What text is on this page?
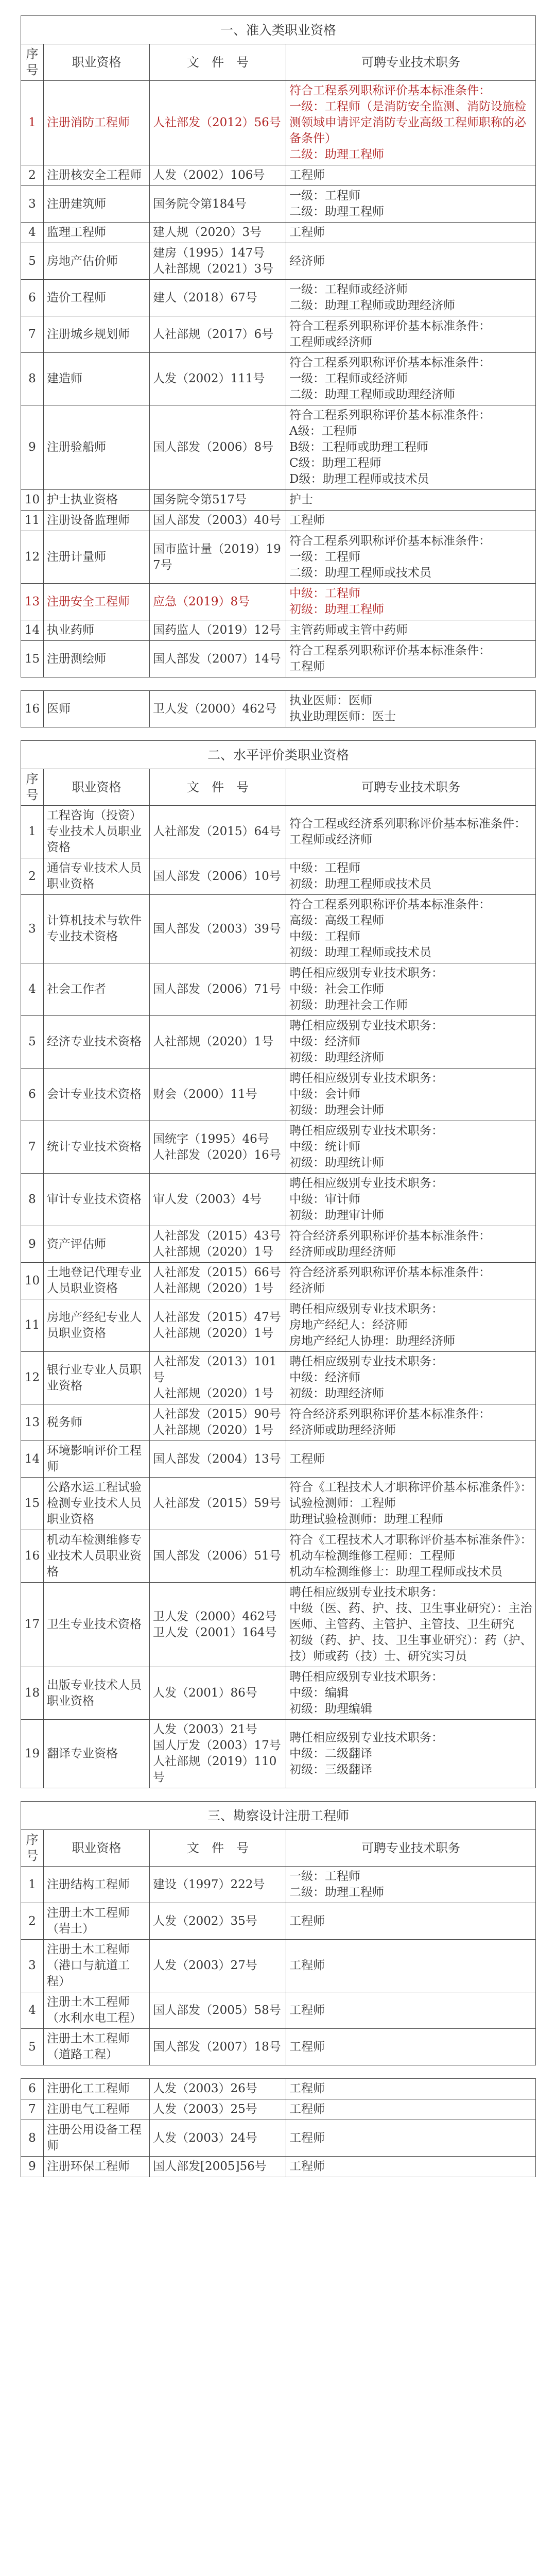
一、准入类职业资格			
序号	职业资格	文　件　号	可聘专业技术职务
1	注册消防工程师	人社部发（2012）56号	符合工程系列职称评价基本标准条件：
一级：工程师（是消防安全监测、消防设施检测领域申请评定消防专业高级工程师职称的必备条件）
二级：助理工程师
2	注册核安全工程师	人发（2002）106号	工程师
3	注册建筑师	国务院令第184号	一级：工程师
二级：助理工程师
4	监理工程师	建人规（2020）3号	工程师
5	房地产估价师	建房（1995）147号
人社部规（2021）3号	经济师
6	造价工程师	建人（2018）67号	一级：工程师或经济师
二级：助理工程师或助理经济师
7	注册城乡规划师	人社部规（2017）6号	符合工程系列职称评价基本标准条件：
工程师或经济师
8	建造师	人发（2002）111号	符合工程系列职称评价基本标准条件：
一级：工程师或经济师
二级：助理工程师或助理经济师
9	注册验船师	国人部发（2006）8号	符合工程系列职称评价基本标准条件：
A级：工程师
B级：工程师或助理工程师
C级：助理工程师
D级：助理工程师或技术员
10	护士执业资格	国务院令第517号	护士
11	注册设备监理师	国人部发（2003）40号	工程师
12	注册计量师	国市监计量（2019）197号	符合工程系列职称评价基本标准条件：
一级：工程师
二级：助理工程师或技术员
13	注册安全工程师	应急（2019）8号	中级：工程师
初级：助理工程师
14	执业药师	国药监人（2019）12号	主管药师或主管中药师
15	注册测绘师	国人部发（2007）14号	符合工程系列职称评价基本标准条件：
工程师

16	医师	卫人发（2000）462号	执业医师：医师
执业助理医师：医士

二、水平评价类职业资格			
序号	职业资格	文　件　号	可聘专业技术职务
1	工程咨询（投资）专业技术人员职业资格	人社部发（2015）64号	符合工程或经济系列职称评价基本标准条件：工程师或经济师
2	通信专业技术人员职业资格	国人部发（2006）10号	中级：工程师
初级：助理工程师或技术员
3	计算机技术与软件专业技术资格	国人部发（2003）39号	符合工程系列职称评价基本标准条件：
高级：高级工程师
中级：工程师
初级：助理工程师或技术员
4	社会工作者	国人部发（2006）71号	聘任相应级别专业技术职务：
中级：社会工作师
初级：助理社会工作师
5	经济专业技术资格	人社部规（2020）1号	聘任相应级别专业技术职务：
中级：经济师
初级：助理经济师
6	会计专业技术资格	财会（2000）11号	聘任相应级别专业技术职务：
中级：会计师
初级：助理会计师
7	统计专业技术资格	国统字（1995）46号
人社部发（2020）16号	聘任相应级别专业技术职务：
中级：统计师
初级：助理统计师
8	审计专业技术资格	审人发（2003）4号	聘任相应级别专业技术职务：
中级：审计师
初级：助理审计师
9	资产评估师	人社部发（2015）43号
人社部规（2020）1号	符合经济系列职称评价基本标准条件：
经济师或助理经济师
10	土地登记代理专业人员职业资格	人社部发（2015）66号
人社部规（2020）1号	符合经济系列职称评价基本标准条件：
经济师
11	房地产经纪专业人员职业资格	人社部发（2015）47号
人社部规（2020）1号	聘任相应级别专业技术职务：
房地产经纪人：经济师
房地产经纪人协理：助理经济师
12	银行业专业人员职业资格	人社部发（2013）101号
人社部规（2020）1号	聘任相应级别专业技术职务：
中级：经济师
初级：助理经济师
13	税务师	人社部发（2015）90号
人社部规（2020）1号	符合经济系列职称评价基本标准条件：
经济师或助理经济师
14	环境影响评价工程师	国人部发（2004）13号	工程师
15	公路水运工程试验检测专业技术人员职业资格	人社部发（2015）59号	符合《工程技术人才职称评价基本标准条件》：试验检测师：工程师
助理试验检测师：助理工程师
16	机动车检测维修专业技术人员职业资格	国人部发（2006）51号	符合《工程技术人才职称评价基本标准条件》：
机动车检测维修工程师：工程师
机动车检测维修士：助理工程师或技术员
17	卫生专业技术资格	卫人发（2000）462号
卫人发（2001）164号	聘任相应级别专业技术职务：
中级（医、药、护、技、卫生事业研究）：主治医师、主管药、主管护、主管技、卫生研究
初级（药、护、技、卫生事业研究）：药（护、技）师或药（技）士、研究实习员
18	出版专业技术人员职业资格	人发（2001）86号	聘任相应级别专业技术职务：
中级：编辑
初级：助理编辑
19	翻译专业资格	人发（2003）21号
国人厅发（2003）17号
人社部规（2019）110号	聘任相应级别专业技术职务：
中级：二级翻译
初级：三级翻译

三、勘察设计注册工程师			
序号	职业资格	文　件　号	可聘专业技术职务
1	注册结构工程师	建设（1997）222号	一级：工程师
二级：助理工程师
2	注册土木工程师（岩土）	人发（2002）35号	工程师
3	注册土木工程师（港口与航道工程）	人发（2003）27号	工程师
4	注册土木工程师（水利水电工程）	国人部发（2005）58号	工程师
5	注册土木工程师（道路工程）	国人部发（2007）18号	工程师

6	注册化工工程师	人发（2003）26号	工程师
7	注册电气工程师	人发（2003）25号	工程师
8	注册公用设备工程师	人发（2003）24号	工程师
9	注册环保工程师	国人部发[2005]56号	工程师
